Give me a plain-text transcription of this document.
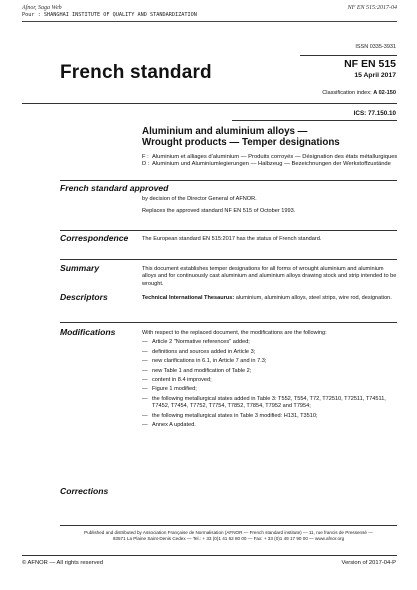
Afnor, Saga Web	NF EN 515:2017-04
Pour : SHANGHAI INSTITUTE OF QUALITY AND STANDARDIZATION
ISSN 0335-3931
French standard	NF EN 515
15 April 2017
Classification index: A 02-150
ICS: 77.150.10
Aluminium and aluminium alloys —
Wrought products — Temper designations
F : Aluminium et alliages d'aluminium — Produits corroyés — Désignation des états métallurgiques
D : Aluminium und Aluminiumlegierungen — Halbzeug — Bezeichnungen der Werkstoffzustände
French standard approved
by decision of the Director General of AFNOR.
Replaces the approved standard NF EN 515 of October 1993.
Correspondence The European standard EN 515:2017 has the status of French standard.
Summary	This document establishes temper designations for all forms of wrought aluminium and aluminium alloys and for continuously cast aluminium and aluminium alloys drawing stock and strip intended to be wrought.
Descriptors	Technical International Thesaurus: aluminium, aluminium alloys, steel strips, wire rod, designation.
Modifications	With respect to the replaced document, the modifications are the following:
— Article 2 "Normative references" added;
— definitions and sources added in Article 3;
— new clarifications in 6.1, in Article 7 and in 7.3;
— new Table 1 and modification of Table 2;
— content in 8.4 improved;
— Figure 1 modified;
— the following metallurgical states added in Table 3: T552, T554, T72, T72510, T72511, T74511, T7452, T7454, T7752, T7754, T7852, T7854, T7952 and T7954;
— the following metallurgical states in Table 3 modified: H131, T3510;
— Annex A updated.
Corrections
Published and distributed by Association Française de Normalisation (AFNOR — French standard institute) — 11, rue francis de Pressensé —
93571 La Plaine Saint-Denis Cedex — Tel.: + 33 (0)1 41 62 80 00 — Fax: + 33 (0)1 49 17 90 00 — www.afnor.org
© AFNOR — All rights reserved	Version of 2017-04-P
